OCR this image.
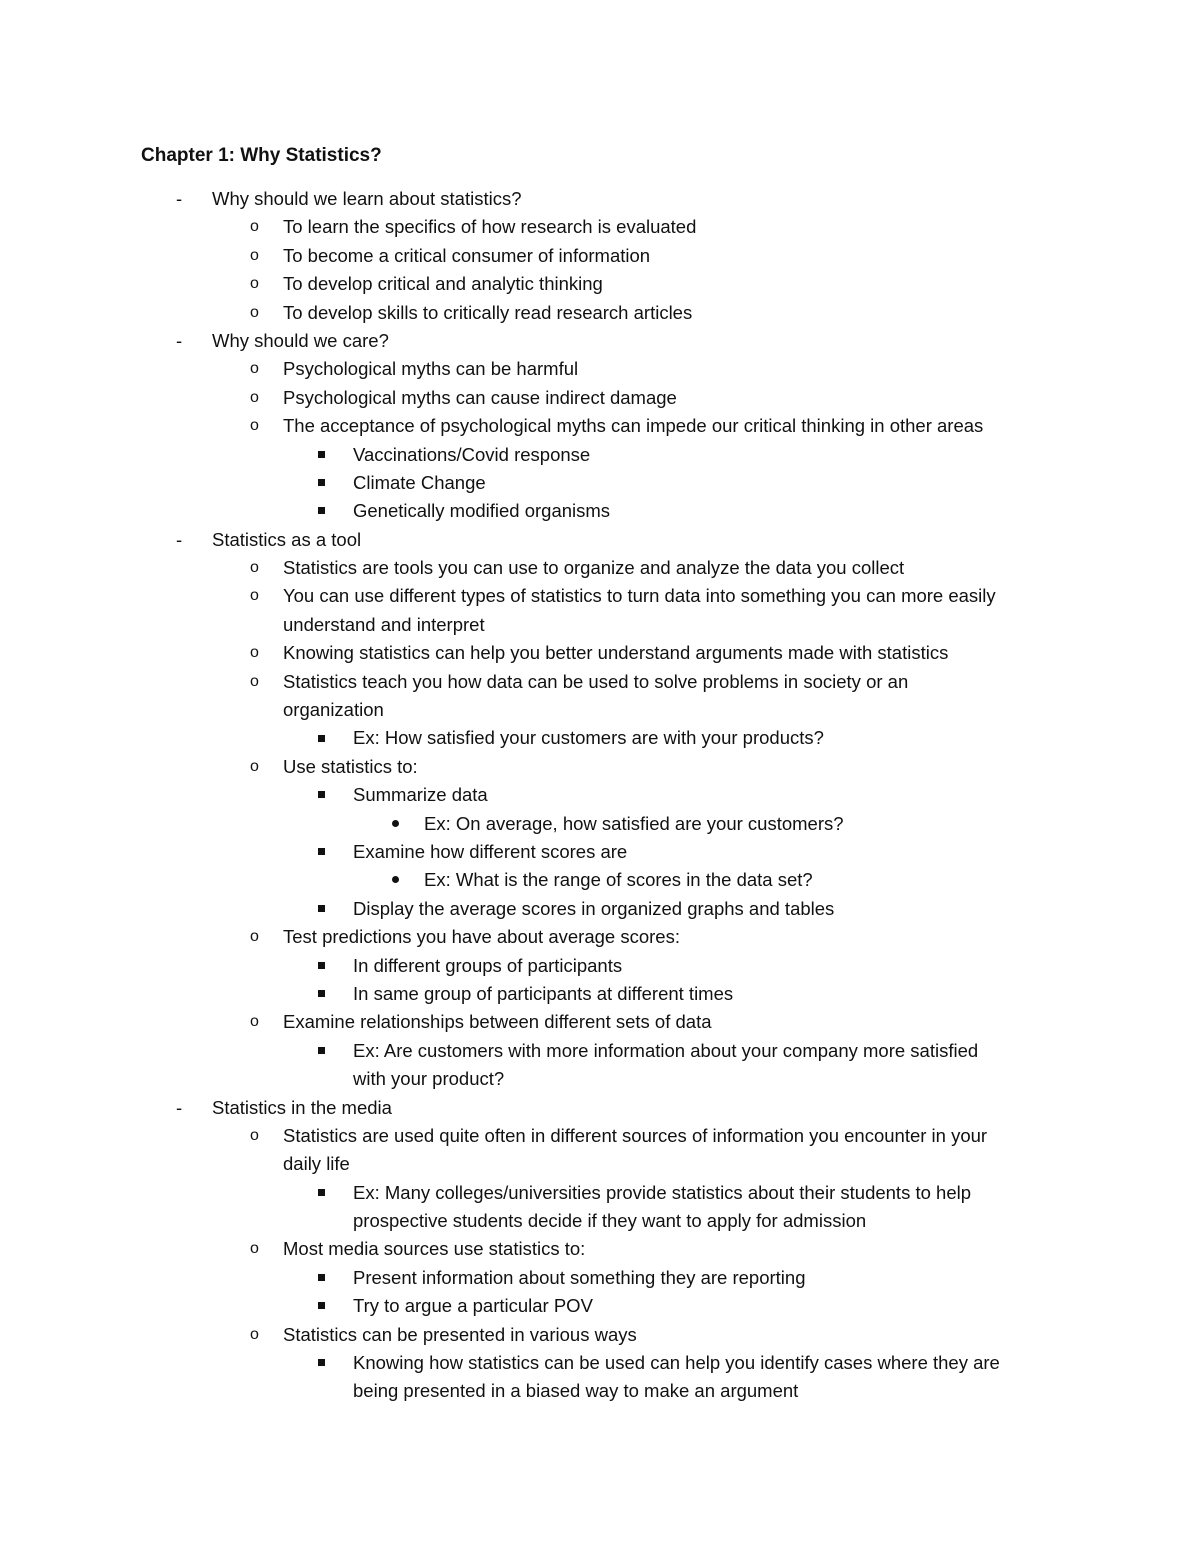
Chapter 1: Why Statistics?
-	Why should we learn about statistics?
o	To learn the specifics of how research is evaluated
o	To become a critical consumer of information
o	To develop critical and analytic thinking
o	To develop skills to critically read research articles
-	Why should we care?
o	Psychological myths can be harmful
o	Psychological myths can cause indirect damage
o	The acceptance of psychological myths can impede our critical thinking in other areas
Vaccinations/Covid response
Climate Change
Genetically modified organisms
-	Statistics as a tool
o	Statistics are tools you can use to organize and analyze the data you collect
o	You can use different types of statistics to turn data into something you can more easily
understand and interpret
o	Knowing statistics can help you better understand arguments made with statistics
o	Statistics teach you how data can be used to solve problems in society or an
organization
Ex: How satisfied your customers are with your products?
o	Use statistics to:
Summarize data
Ex: On average, how satisfied are your customers?
Examine how different scores are
Ex: What is the range of scores in the data set?
Display the average scores in organized graphs and tables
o	Test predictions you have about average scores:
In different groups of participants
In same group of participants at different times
o	Examine relationships between different sets of data
Ex: Are customers with more information about your company more satisfied
with your product?
-	Statistics in the media
o	Statistics are used quite often in different sources of information you encounter in your
daily life
Ex: Many colleges/universities provide statistics about their students to help
prospective students decide if they want to apply for admission
o	Most media sources use statistics to:
Present information about something they are reporting
Try to argue a particular POV
o	Statistics can be presented in various ways
Knowing how statistics can be used can help you identify cases where they are
being presented in a biased way to make an argument
